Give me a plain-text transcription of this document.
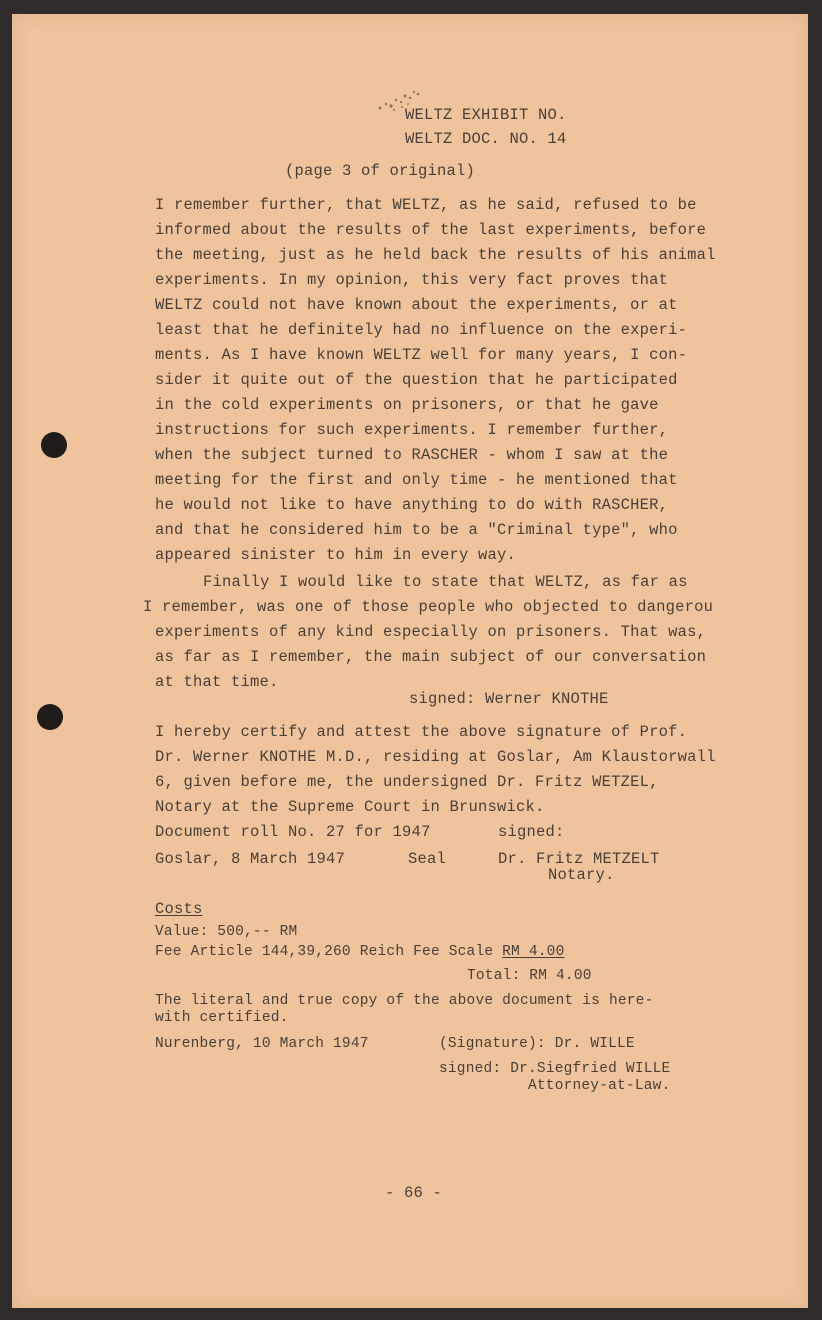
WELTZ EXHIBIT NO.
WELTZ DOC. NO. 14
(page 3 of original)
I remember further, that WELTZ, as he said, refused to be
informed about the results of the last experiments, before
the meeting, just as he held back the results of his animal
experiments. In my opinion, this very fact proves that
WELTZ could not have known about the experiments, or at
least that he definitely had no influence on the experi-
ments. As I have known WELTZ well for many years, I con-
sider it quite out of the question that he participated
in the cold experiments on prisoners, or that he gave
instructions for such experiments. I remember further,
when the subject turned to RASCHER - whom I saw at the
meeting for the first and only time - he mentioned that
he would not like to have anything to do with RASCHER,
and that he considered him to be a "Criminal type", who
appeared sinister to him in every way.
Finally I would like to state that WELTZ, as far as
I remember, was one of those people who objected to dangerou
experiments of any kind especially on prisoners. That was,
as far as I remember, the main subject of our conversation
at that time.
signed: Werner KNOTHE
I hereby certify and attest the above signature of Prof.
Dr. Werner KNOTHE M.D., residing at Goslar, Am Klaustorwall
6, given before me, the undersigned Dr. Fritz WETZEL,
Notary at the Supreme Court in Brunswick.
Document roll No. 27 for 1947	signed:
Goslar, 8 March 1947	Seal	Dr. Fritz METZELT
Notary.
Costs
Value: 500,-- RM
Fee Article 144,39,260 Reich Fee Scale RM 4.00
Total: RM 4.00
The literal and true copy of the above document is here-
with certified.
Nurenberg, 10 March 1947	(Signature): Dr. WILLE
signed: Dr.Siegfried WILLE
Attorney-at-Law.
- 66 -
